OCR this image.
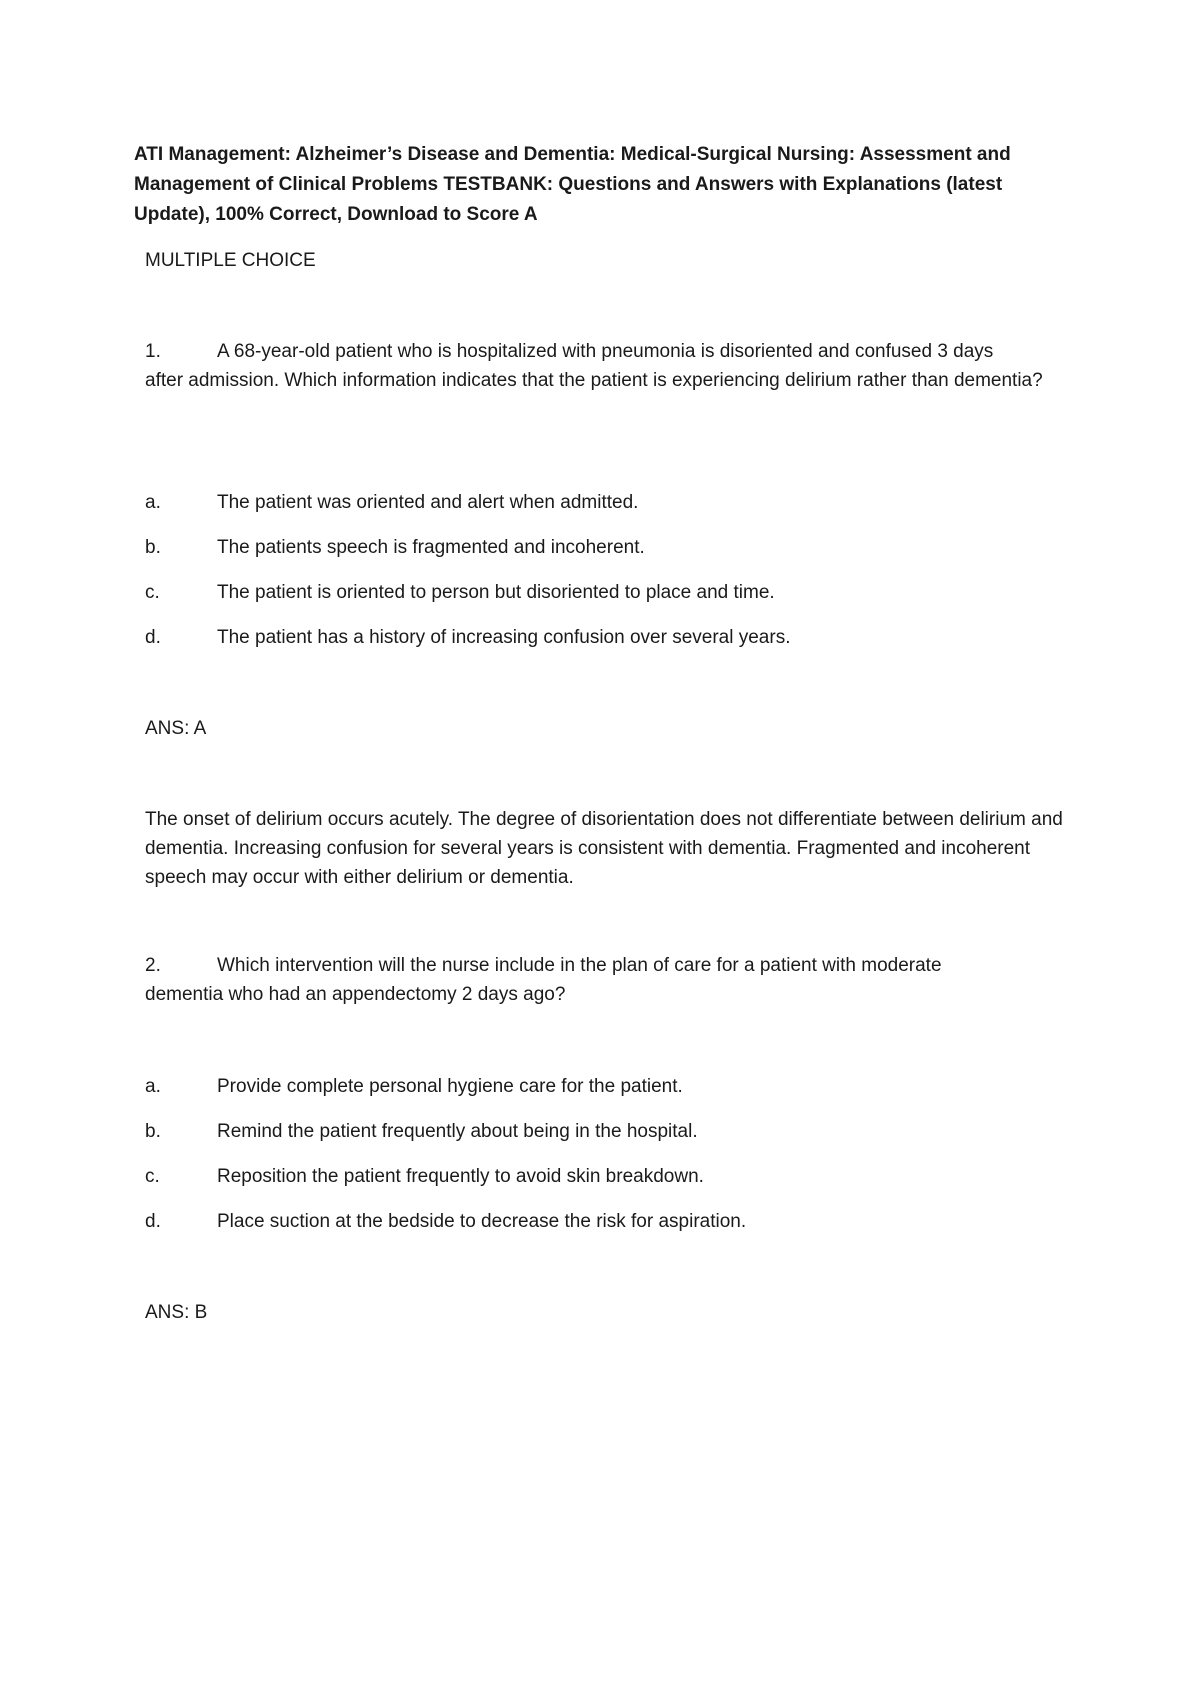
ATI Management: Alzheimer’s Disease and Dementia: Medical-Surgical Nursing: Assessment and Management of Clinical Problems TESTBANK: Questions and Answers with Explanations (latest Update), 100% Correct, Download to Score A

MULTIPLE CHOICE

1.	A 68-year-old patient who is hospitalized with pneumonia is disoriented and confused 3 days

after admission. Which information indicates that the patient is experiencing delirium rather than dementia?

a.	The patient was oriented and alert when admitted.

b.	The patients speech is fragmented and incoherent.

c.	The patient is oriented to person but disoriented to place and time.

d.	The patient has a history of increasing confusion over several years.

ANS: A

The onset of delirium occurs acutely. The degree of disorientation does not differentiate between delirium and dementia. Increasing confusion for several years is consistent with dementia. Fragmented and incoherent speech may occur with either delirium or dementia.

2.	Which intervention will the nurse include in the plan of care for a patient with moderate

dementia who had an appendectomy 2 days ago?

a.	Provide complete personal hygiene care for the patient.

b.	Remind the patient frequently about being in the hospital.

c.	Reposition the patient frequently to avoid skin breakdown.

d.	Place suction at the bedside to decrease the risk for aspiration.

ANS: B
